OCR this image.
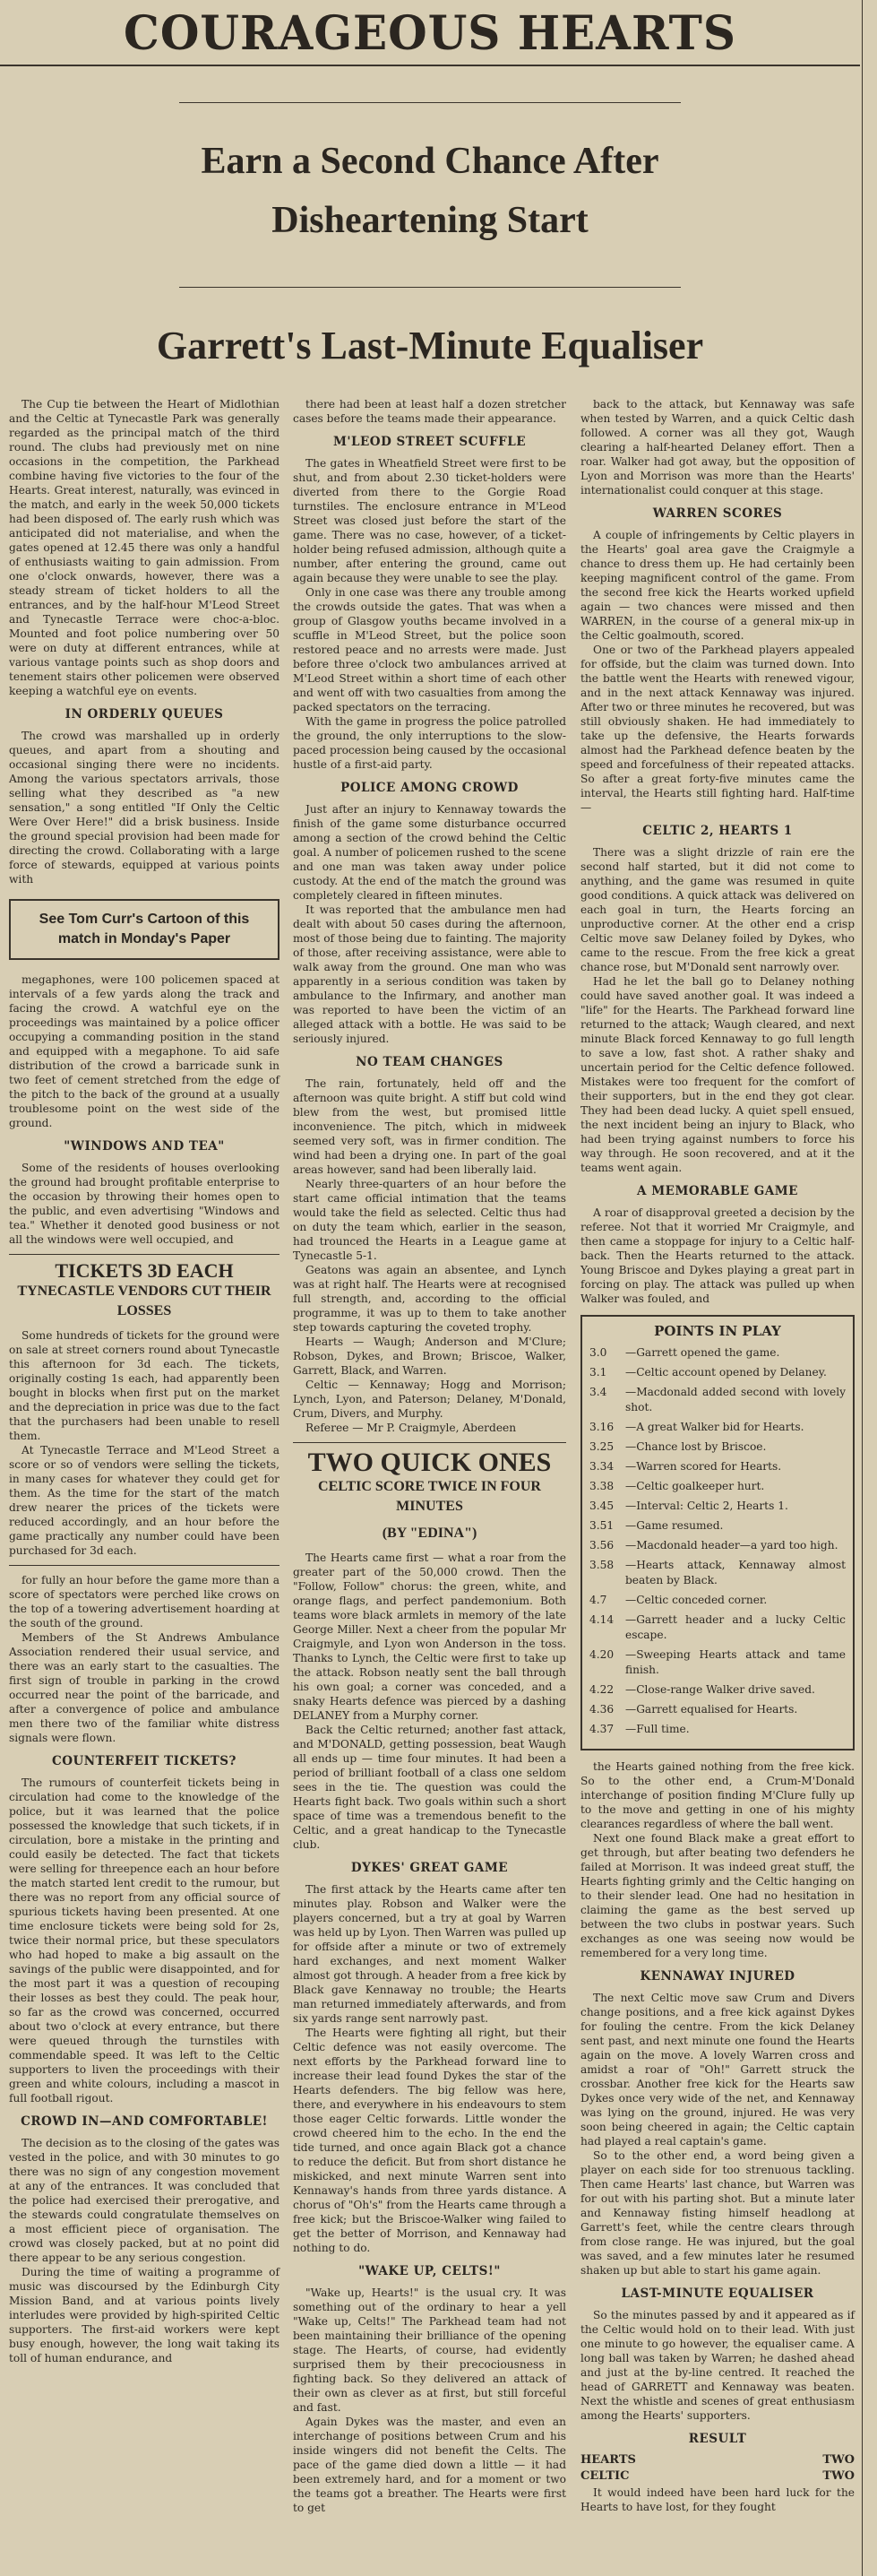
COURAGEOUS HEARTS
Earn a Second Chance After
Disheartening Start
Garrett's Last-Minute Equaliser

The Cup tie between the Heart of Midlothian and the Celtic at Tynecastle Park was generally regarded as the principal match of the third round. The clubs had previously met on nine occasions in the competition, the Parkhead combine having five victories to the four of the Hearts. Great interest, naturally, was evinced in the match, and early in the week 50,000 tickets had been disposed of. The early rush which was anticipated did not materialise, and when the gates opened at 12.45 there was only a handful of enthusiasts waiting to gain admission. From one o'clock onwards, however, there was a steady stream of ticket holders to all the entrances, and by the half-hour M'Leod Street and Tynecastle Terrace were choc-a-bloc. Mounted and foot police numbering over 50 were on duty at different entrances, while at various vantage points such as shop doors and tenement stairs other policemen were observed keeping a watchful eye on events.

IN ORDERLY QUEUES

The crowd was marshalled up in orderly queues, and apart from a shouting and occasional singing there were no incidents. Among the various spectators arrivals, those selling what they described as "a new sensation," a song entitled "If Only the Celtic Were Over Here!" did a brisk business. Inside the ground special provision had been made for directing the crowd. Collaborating with a large force of stewards, equipped at various points with

See Tom Curr's Cartoon of this match in Monday's Paper

megaphones, were 100 policemen spaced at intervals of a few yards along the track and facing the crowd. A watchful eye on the proceedings was maintained by a police officer occupying a commanding position in the stand and equipped with a megaphone. To aid safe distribution of the crowd a barricade sunk in two feet of cement stretched from the edge of the pitch to the back of the ground at a usually troublesome point on the west side of the ground.

"WINDOWS AND TEA"

Some of the residents of houses overlooking the ground had brought profitable enterprise to the occasion by throwing their homes open to the public, and even advertising "Windows and tea." Whether it denoted good business or not all the windows were well occupied, and

TICKETS 3D EACH
TYNECASTLE VENDORS CUT THEIR LOSSES

Some hundreds of tickets for the ground were on sale at street corners round about Tynecastle this afternoon for 3d each. The tickets, originally costing 1s each, had apparently been bought in blocks when first put on the market and the depreciation in price was due to the fact that the purchasers had been unable to resell them.

At Tynecastle Terrace and M'Leod Street a score or so of vendors were selling the tickets, in many cases for whatever they could get for them. As the time for the start of the match drew nearer the prices of the tickets were reduced accordingly, and an hour before the game practically any number could have been purchased for 3d each.

for fully an hour before the game more than a score of spectators were perched like crows on the top of a towering advertisement hoarding at the south of the ground.

Members of the St Andrews Ambulance Association rendered their usual service, and there was an early start to the casualties. The first sign of trouble in parking in the crowd occurred near the point of the barricade, and after a convergence of police and ambulance men there two of the familiar white distress signals were flown.

COUNTERFEIT TICKETS?

The rumours of counterfeit tickets being in circulation had come to the knowledge of the police, but it was learned that the police possessed the knowledge that such tickets, if in circulation, bore a mistake in the printing and could easily be detected. The fact that tickets were selling for threepence each an hour before the match started lent credit to the rumour, but there was no report from any official source of spurious tickets having been presented. At one time enclosure tickets were being sold for 2s, twice their normal price, but these speculators who had hoped to make a big assault on the savings of the public were disappointed, and for the most part it was a question of recouping their losses as best they could. The peak hour, so far as the crowd was concerned, occurred about two o'clock at every entrance, but there were queued through the turnstiles with commendable speed. It was left to the Celtic supporters to liven the proceedings with their green and white colours, including a mascot in full football rigout.

CROWD IN—AND COMFORTABLE!

The decision as to the closing of the gates was vested in the police, and with 30 minutes to go there was no sign of any congestion movement at any of the entrances. It was concluded that the police had exercised their prerogative, and the stewards could congratulate themselves on a most efficient piece of organisation. The crowd was closely packed, but at no point did there appear to be any serious congestion.

During the time of waiting a programme of music was discoursed by the Edinburgh City Mission Band, and at various points lively interludes were provided by high-spirited Celtic supporters. The first-aid workers were kept busy enough, however, the long wait taking its toll of human endurance, and

there had been at least half a dozen stretcher cases before the teams made their appearance.

M'LEOD STREET SCUFFLE

The gates in Wheatfield Street were first to be shut, and from about 2.30 ticket-holders were diverted from there to the Gorgie Road turnstiles. The enclosure entrance in M'Leod Street was closed just before the start of the game. There was no case, however, of a ticket-holder being refused admission, although quite a number, after entering the ground, came out again because they were unable to see the play.

Only in one case was there any trouble among the crowds outside the gates. That was when a group of Glasgow youths became involved in a scuffle in M'Leod Street, but the police soon restored peace and no arrests were made. Just before three o'clock two ambulances arrived at M'Leod Street within a short time of each other and went off with two casualties from among the packed spectators on the terracing.

With the game in progress the police patrolled the ground, the only interruptions to the slow-paced procession being caused by the occasional hustle of a first-aid party.

POLICE AMONG CROWD

Just after an injury to Kennaway towards the finish of the game some disturbance occurred among a section of the crowd behind the Celtic goal. A number of policemen rushed to the scene and one man was taken away under police custody. At the end of the match the ground was completely cleared in fifteen minutes.

It was reported that the ambulance men had dealt with about 50 cases during the afternoon, most of those being due to fainting. The majority of those, after receiving assistance, were able to walk away from the ground. One man who was apparently in a serious condition was taken by ambulance to the Infirmary, and another man was reported to have been the victim of an alleged attack with a bottle. He was said to be seriously injured.

NO TEAM CHANGES

The rain, fortunately, held off and the afternoon was quite bright. A stiff but cold wind blew from the west, but promised little inconvenience. The pitch, which in midweek seemed very soft, was in firmer condition. The wind had been a drying one. In part of the goal areas however, sand had been liberally laid.

Nearly three-quarters of an hour before the start came official intimation that the teams would take the field as selected. Celtic thus had on duty the team which, earlier in the season, had trounced the Hearts in a League game at Tynecastle 5-1.

Geatons was again an absentee, and Lynch was at right half. The Hearts were at recognised full strength, and, according to the official programme, it was up to them to take another step towards capturing the coveted trophy.

Hearts — Waugh; Anderson and M'Clure; Robson, Dykes, and Brown; Briscoe, Walker, Garrett, Black, and Warren.

Celtic — Kennaway; Hogg and Morrison; Lynch, Lyon, and Paterson; Delaney, M'Donald, Crum, Divers, and Murphy.

Referee — Mr P. Craigmyle, Aberdeen

TWO QUICK ONES
CELTIC SCORE TWICE IN FOUR MINUTES
(BY "EDINA")

The Hearts came first — what a roar from the greater part of the 50,000 crowd. Then the "Follow, Follow" chorus: the green, white, and orange flags, and perfect pandemonium. Both teams wore black armlets in memory of the late George Miller. Next a cheer from the popular Mr Craigmyle, and Lyon won Anderson in the toss. Thanks to Lynch, the Celtic were first to take up the attack. Robson neatly sent the ball through his own goal; a corner was conceded, and a snaky Hearts defence was pierced by a dashing DELANEY from a Murphy corner.

Back the Celtic returned; another fast attack, and M'DONALD, getting possession, beat Waugh all ends up — time four minutes. It had been a period of brilliant football of a class one seldom sees in the tie. The question was could the Hearts fight back. Two goals within such a short space of time was a tremendous benefit to the Celtic, and a great handicap to the Tynecastle club.

DYKES' GREAT GAME

The first attack by the Hearts came after ten minutes play. Robson and Walker were the players concerned, but a try at goal by Warren was held up by Lyon. Then Warren was pulled up for offside after a minute or two of extremely hard exchanges, and next moment Walker almost got through. A header from a free kick by Black gave Kennaway no trouble; the Hearts man returned immediately afterwards, and from six yards range sent narrowly past.

The Hearts were fighting all right, but their Celtic defence was not easily overcome. The next efforts by the Parkhead forward line to increase their lead found Dykes the star of the Hearts defenders. The big fellow was here, there, and everywhere in his endeavours to stem those eager Celtic forwards. Little wonder the crowd cheered him to the echo. In the end the tide turned, and once again Black got a chance to reduce the deficit. But from short distance he miskicked, and next minute Warren sent into Kennaway's hands from three yards distance. A chorus of "Oh's" from the Hearts came through a free kick; but the Briscoe-Walker wing failed to get the better of Morrison, and Kennaway had nothing to do.

"WAKE UP, CELTS!"

"Wake up, Hearts!" is the usual cry. It was something out of the ordinary to hear a yell "Wake up, Celts!" The Parkhead team had not been maintaining their brilliance of the opening stage. The Hearts, of course, had evidently surprised them by their precociousness in fighting back. So they delivered an attack of their own as clever as at first, but still forceful and fast.

Again Dykes was the master, and even an interchange of positions between Crum and his inside wingers did not benefit the Celts. The pace of the game died down a little — it had been extremely hard, and for a moment or two the teams got a breather. The Hearts were first to get

back to the attack, but Kennaway was safe when tested by Warren, and a quick Celtic dash followed. A corner was all they got, Waugh clearing a half-hearted Delaney effort. Then a roar. Walker had got away, but the opposition of Lyon and Morrison was more than the Hearts' internationalist could conquer at this stage.

WARREN SCORES

A couple of infringements by Celtic players in the Hearts' goal area gave the Craigmyle a chance to dress them up. He had certainly been keeping magnificent control of the game. From the second free kick the Hearts worked upfield again — two chances were missed and then WARREN, in the course of a general mix-up in the Celtic goalmouth, scored.

One or two of the Parkhead players appealed for offside, but the claim was turned down. Into the battle went the Hearts with renewed vigour, and in the next attack Kennaway was injured. After two or three minutes he recovered, but was still obviously shaken. He had immediately to take up the defensive, the Hearts forwards almost had the Parkhead defence beaten by the speed and forcefulness of their repeated attacks. So after a great forty-five minutes came the interval, the Hearts still fighting hard. Half-time —

CELTIC 2, HEARTS 1

There was a slight drizzle of rain ere the second half started, but it did not come to anything, and the game was resumed in quite good conditions. A quick attack was delivered on each goal in turn, the Hearts forcing an unproductive corner. At the other end a crisp Celtic move saw Delaney foiled by Dykes, who came to the rescue. From the free kick a great chance rose, but M'Donald sent narrowly over.

Had he let the ball go to Delaney nothing could have saved another goal. It was indeed a "life" for the Hearts. The Parkhead forward line returned to the attack; Waugh cleared, and next minute Black forced Kennaway to go full length to save a low, fast shot. A rather shaky and uncertain period for the Celtic defence followed. Mistakes were too frequent for the comfort of their supporters, but in the end they got clear. They had been dead lucky. A quiet spell ensued, the next incident being an injury to Black, who had been trying against numbers to force his way through. He soon recovered, and at it the teams went again.

A MEMORABLE GAME

A roar of disapproval greeted a decision by the referee. Not that it worried Mr Craigmyle, and then came a stoppage for injury to a Celtic half-back. Then the Hearts returned to the attack. Young Briscoe and Dykes playing a great part in forcing on play. The attack was pulled up when Walker was fouled, and

POINTS IN PLAY
3.0	—Garrett opened the game.
3.1	—Celtic account opened by Delaney.
3.4	—Macdonald added second with lovely shot.
3.16	—A great Walker bid for Hearts.
3.25	—Chance lost by Briscoe.
3.34	—Warren scored for Hearts.
3.38	—Celtic goalkeeper hurt.
3.45	—Interval: Celtic 2, Hearts 1.
3.51	—Game resumed.
3.56	—Macdonald header—a yard too high.
3.58	—Hearts attack, Kennaway almost beaten by Black.
4.7	—Celtic conceded corner.
4.14	—Garrett header and a lucky Celtic escape.
4.20	—Sweeping Hearts attack and tame finish.
4.22	—Close-range Walker drive saved.
4.36	—Garrett equalised for Hearts.
4.37	—Full time.

the Hearts gained nothing from the free kick. So to the other end, a Crum-M'Donald interchange of position finding M'Clure fully up to the move and getting in one of his mighty clearances regardless of where the ball went.

Next one found Black make a great effort to get through, but after beating two defenders he failed at Morrison. It was indeed great stuff, the Hearts fighting grimly and the Celtic hanging on to their slender lead. One had no hesitation in claiming the game as the best served up between the two clubs in postwar years. Such exchanges as one was seeing now would be remembered for a very long time.

KENNAWAY INJURED

The next Celtic move saw Crum and Divers change positions, and a free kick against Dykes for fouling the centre. From the kick Delaney sent past, and next minute one found the Hearts again on the move. A lovely Warren cross and amidst a roar of "Oh!" Garrett struck the crossbar. Another free kick for the Hearts saw Dykes once very wide of the net, and Kennaway was lying on the ground, injured. He was very soon being cheered in again; the Celtic captain had played a real captain's game.

So to the other end, a word being given a player on each side for too strenuous tackling. Then came Hearts' last chance, but Warren was for out with his parting shot. But a minute later and Kennaway fisting himself headlong at Garrett's feet, while the centre clears through from close range. He was injured, but the goal was saved, and a few minutes later he resumed shaken up but able to start his game again.

LAST-MINUTE EQUALISER

So the minutes passed by and it appeared as if the Celtic would hold on to their lead. With just one minute to go however, the equaliser came. A long ball was taken by Warren; he dashed ahead and just at the by-line centred. It reached the head of GARRETT and Kennaway was beaten. Next the whistle and scenes of great enthusiasm among the Hearts' supporters.

RESULT
HEARTS	TWO
CELTIC	TWO

It would indeed have been hard luck for the Hearts to have lost, for they fought
